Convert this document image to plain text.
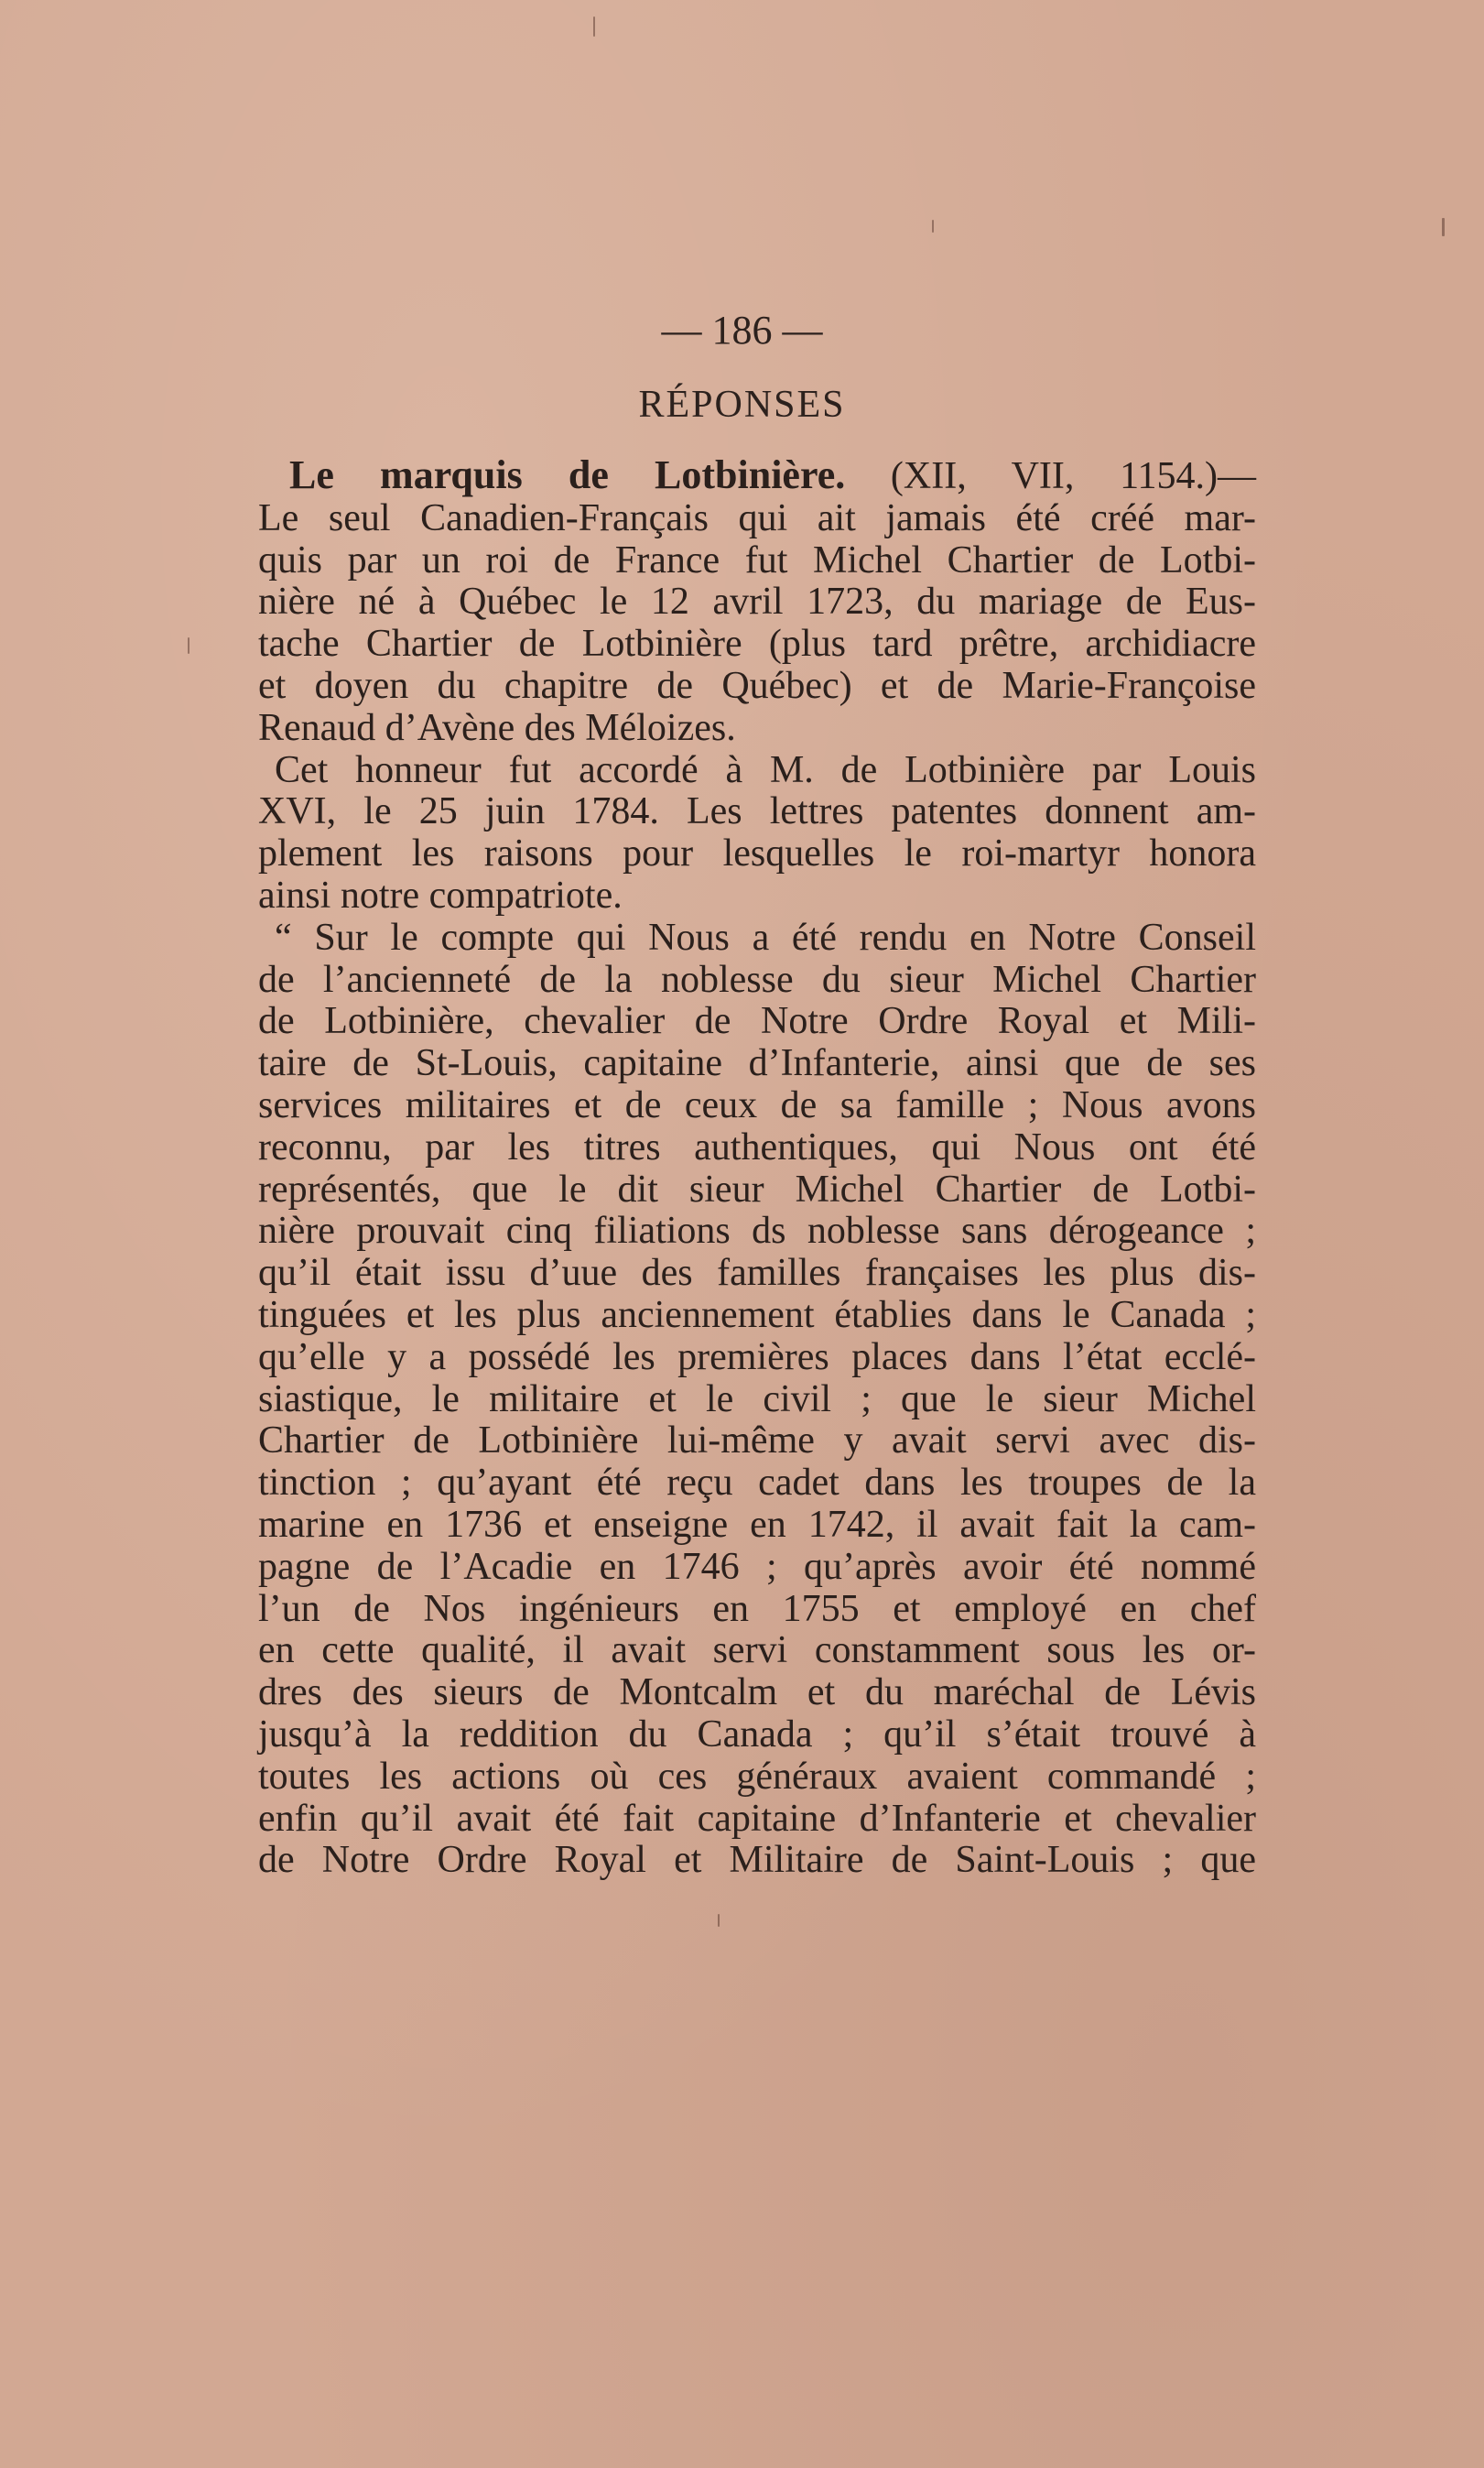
— 186 —
RÉPONSES

Le marquis de Lotbinière. (XII, VII, 1154.)—
Le seul Canadien-Français qui ait jamais été créé mar-
quis par un roi de France fut Michel Chartier de Lotbi-
nière né à Québec le 12 avril 1723, du mariage de Eus-
tache Chartier de Lotbinière (plus tard prêtre, archidiacre
et doyen du chapitre de Québec) et de Marie-Françoise
Renaud d’Avène des Méloizes.

Cet honneur fut accordé à M. de Lotbinière par Louis
XVI, le 25 juin 1784. Les lettres patentes donnent am-
plement les raisons pour lesquelles le roi-martyr honora
ainsi notre compatriote.

“ Sur le compte qui Nous a été rendu en Notre Conseil
de l’ancienneté de la noblesse du sieur Michel Chartier
de Lotbinière, chevalier de Notre Ordre Royal et Mili-
taire de St-Louis, capitaine d’Infanterie, ainsi que de ses
services militaires et de ceux de sa famille ; Nous avons
reconnu, par les titres authentiques, qui Nous ont été
représentés, que le dit sieur Michel Chartier de Lotbi-
nière prouvait cinq filiations ds noblesse sans dérogeance ;
qu’il était issu d’uue des familles françaises les plus dis-
tinguées et les plus anciennement établies dans le Canada ;
qu’elle y a possédé les premières places dans l’état ecclé-
siastique, le militaire et le civil ; que le sieur Michel
Chartier de Lotbinière lui-même y avait servi avec dis-
tinction ; qu’ayant été reçu cadet dans les troupes de la
marine en 1736 et enseigne en 1742, il avait fait la cam-
pagne de l’Acadie en 1746 ; qu’après avoir été nommé
l’un de Nos ingénieurs en 1755 et employé en chef
en cette qualité, il avait servi constamment sous les or-
dres des sieurs de Montcalm et du maréchal de Lévis
jusqu’à la reddition du Canada ; qu’il s’était trouvé à
toutes les actions où ces généraux avaient commandé ;
enfin qu’il avait été fait capitaine d’Infanterie et chevalier
de Notre Ordre Royal et Militaire de Saint-Louis ; que
